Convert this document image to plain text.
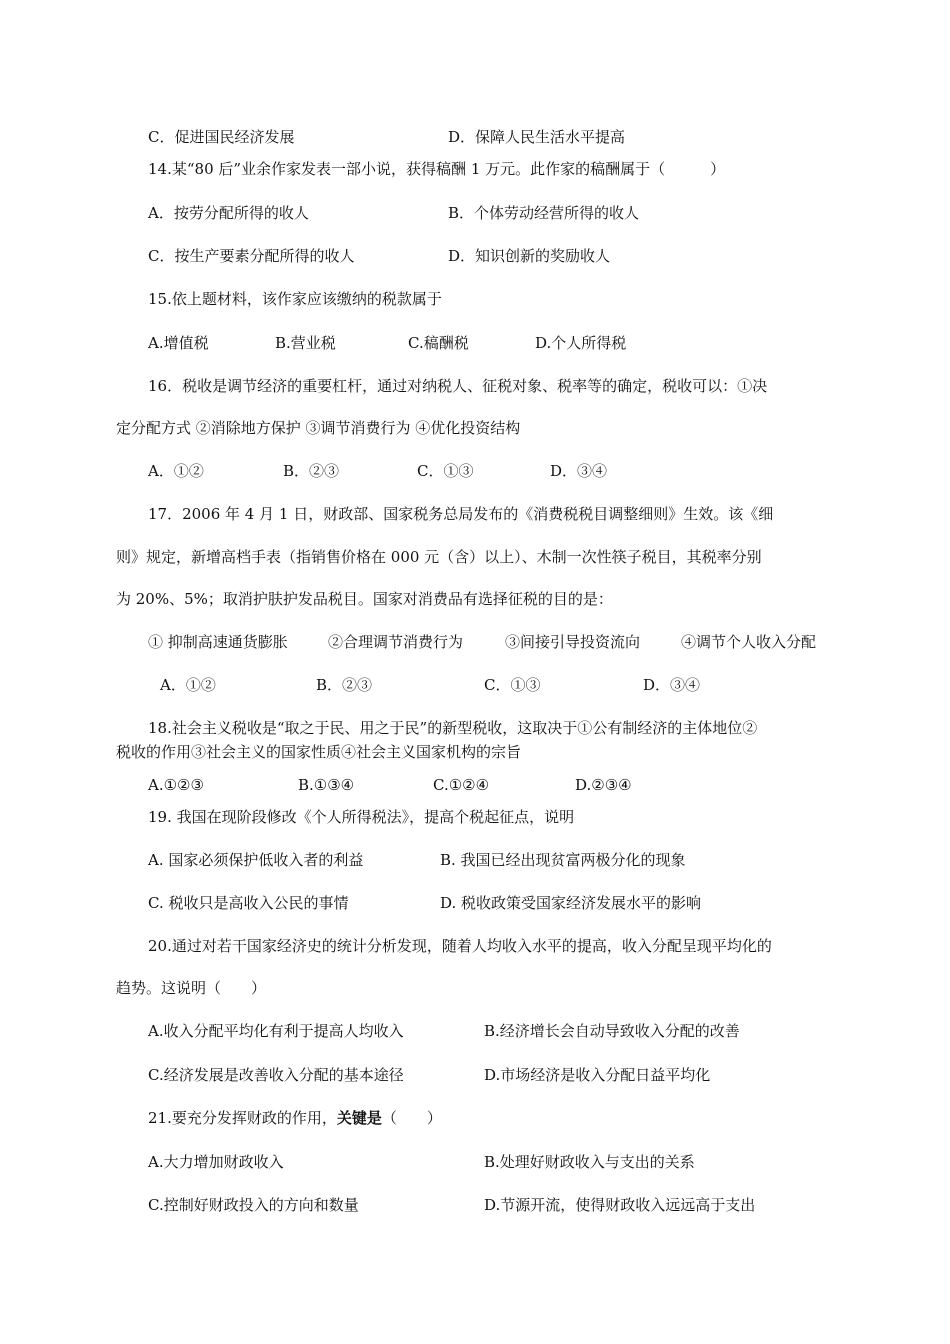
C．促进国民经济发展	D．保障人民生活水平提高
14.某“80 后”业余作家发表一部小说，获得稿酬 1 万元。此作家的稿酬属于（　　　）
A．按劳分配所得的收人	B．个体劳动经营所得的收人
C．按生产要素分配所得的收人	D．知识创新的奖励收人
15.依上题材料，该作家应该缴纳的税款属于
A.增值税	B.营业税	C.稿酬税	D.个人所得税
16．税收是调节经济的重要杠杆，通过对纳税人、征税对象、税率等的确定，税收可以：①决
定分配方式 ②消除地方保护 ③调节消费行为 ④优化投资结构
A．①②	B．②③	C．①③	D．③④
17．2006 年 4 月 1 日，财政部、国家税务总局发布的《消费税税目调整细则》生效。该《细
则》规定，新增高档手表（指销售价格在 000 元（含）以上）、木制一次性筷子税目，其税率分别
为 20%、5%；取消护肤护发品税目。国家对消费品有选择征税的目的是：
① 抑制高速通货膨胀	②合理调节消费行为	③间接引导投资流向	④调节个人收入分配
A．①②	B．②③	C．①③	D．③④
18.社会主义税收是“取之于民、用之于民”的新型税收，这取决于①公有制经济的主体地位②
税收的作用③社会主义的国家性质④社会主义国家机构的宗旨
A.①②③	B.①③④	C.①②④	D.②③④
19. 我国在现阶段修改《个人所得税法》，提高个税起征点，说明
A. 国家必须保护低收入者的利益	B. 我国已经出现贫富两极分化的现象
C. 税收只是高收入公民的事情	D. 税收政策受国家经济发展水平的影响
20.通过对若干国家经济史的统计分析发现，随着人均收入水平的提高，收入分配呈现平均化的
趋势。这说明（　　）
A.收入分配平均化有利于提高人均收入	B.经济增长会自动导致收入分配的改善
C.经济发展是改善收入分配的基本途径	D.市场经济是收入分配日益平均化
21.要充分发挥财政的作用，关键是（　　）
A.大力增加财政收入	B.处理好财政收入与支出的关系
C.控制好财政投入的方向和数量	D.节源开流，使得财政收入远远高于支出
